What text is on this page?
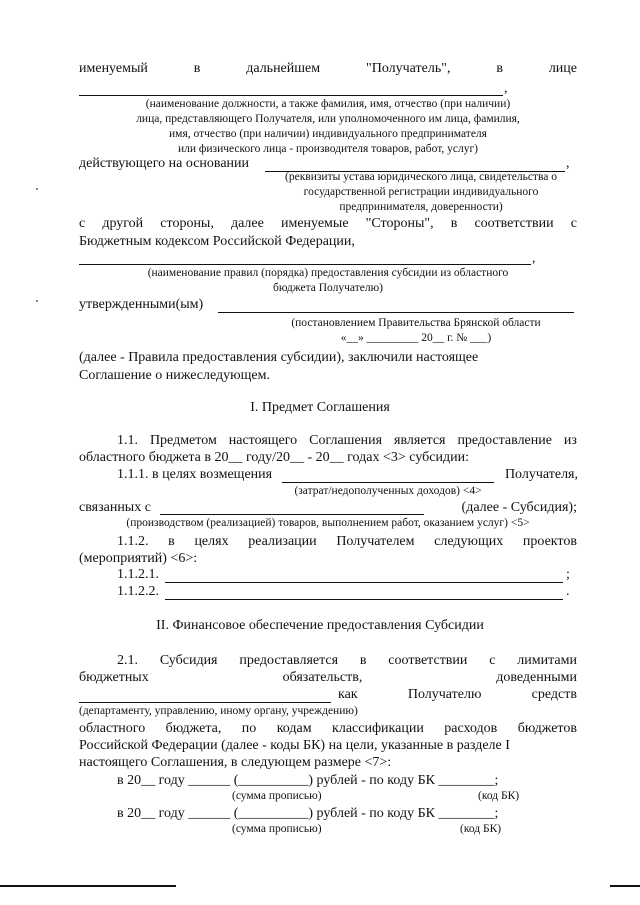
именуемый	в	дальнейшем	"Получатель",	в	лице
,
(наименование должности, а также фамилия, имя, отчество (при наличии)
лица, представляющего Получателя, или уполномоченного им лица, фамилия,
имя, отчество (при наличии) индивидуального предпринимателя
или физического лица - производителя товаров, работ, услуг)
действующего на основании	,
(реквизиты устава юридического лица, свидетельства о
государственной регистрации индивидуального
предпринимателя, доверенности)
с другой стороны, далее именуемые "Стороны", в соответствии с
Бюджетным кодексом Российской Федерации,
,
(наименование правил (порядка) предоставления субсидии из областного
бюджета Получателю)
утвержденными(ым)
(постановлением Правительства Брянской области
«__» _________ 20__ г. № ___)
(далее - Правила предоставления субсидии), заключили настоящее
Соглашение о нижеследующем.
I. Предмет Соглашения
1.1. Предметом настоящего Соглашения является предоставление из
областного бюджета в 20__ году/20__ - 20__ годах <3> субсидии:
1.1.1. в целях возмещения	Получателя,
(затрат/недополученных доходов) <4>
связанных с	(далее - Субсидия);
(производством (реализацией) товаров, выполнением работ, оказанием услуг) <5>
1.1.2. в целях реализации Получателем следующих проектов
(мероприятий) <6>:
1.1.2.1.	;
1.1.2.2.	.
II. Финансовое обеспечение предоставления Субсидии
2.1. Субсидия предоставляется в соответствии с лимитами
бюджетных	обязательств,	доведенными
как	Получателю	средств
(департаменту, управлению, иному органу, учреждению)
областного бюджета, по кодам классификации расходов бюджетов
Российской Федерации (далее - коды БК) на цели, указанные в разделе I
настоящего Соглашения, в следующем размере <7>:
в 20__ году ______ (__________) рублей - по коду БК ________;
(сумма прописью)	(код БК)
в 20__ году ______ (__________) рублей - по коду БК ________;
(сумма прописью)	(код БК)
